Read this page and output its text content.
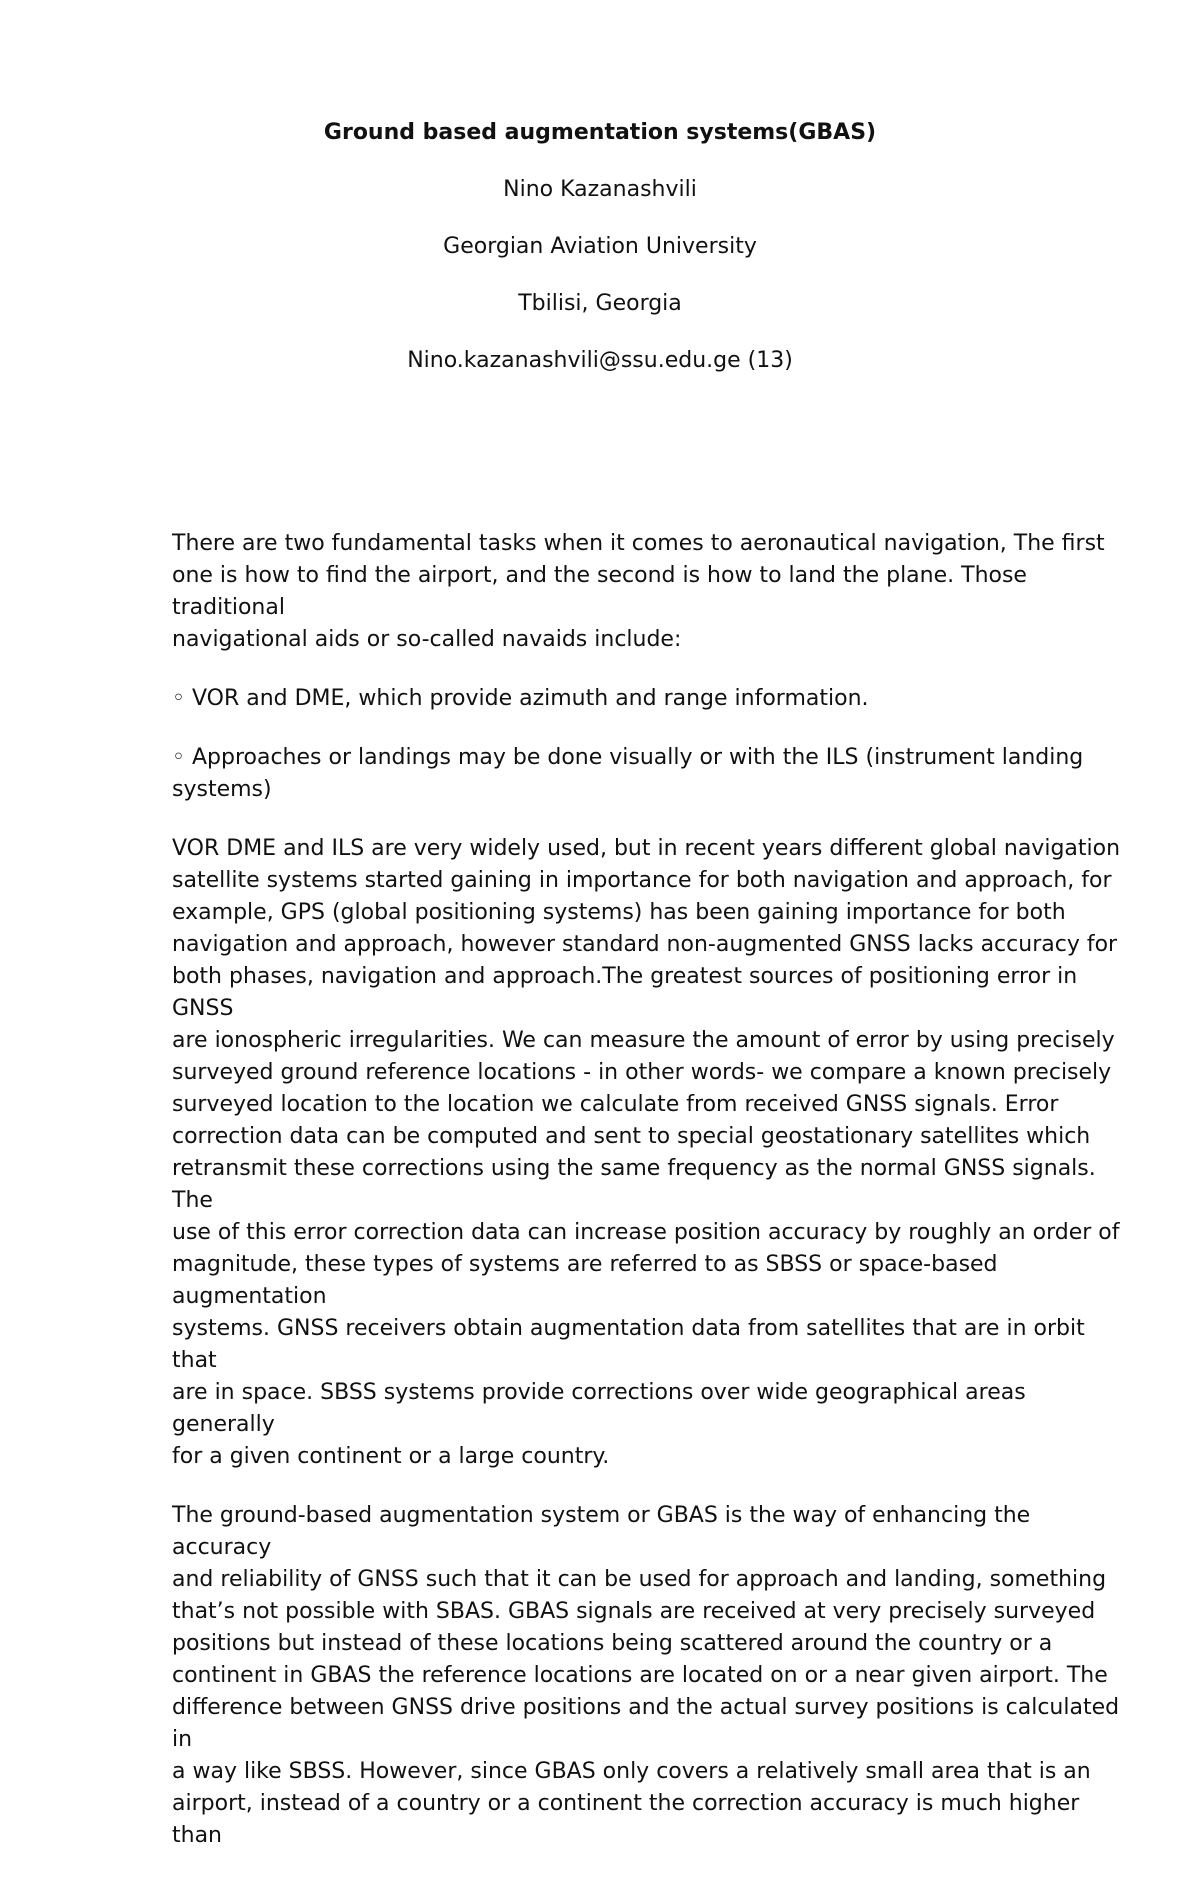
Ground based augmentation systems(GBAS)
Nino Kazanashvili
Georgian Aviation University
Tbilisi, Georgia
Nino.kazanashvili@ssu.edu.ge (13)

There are two fundamental tasks when it comes to aeronautical navigation, The first
one is how to find the airport, and the second is how to land the plane. Those traditional
navigational aids or so-called navaids include:

◦ VOR and DME, which provide azimuth and range information.

◦ Approaches or landings may be done visually or with the ILS (instrument landing
systems)

VOR DME and ILS are very widely used, but in recent years different global navigation
satellite systems started gaining in importance for both navigation and approach, for
example, GPS (global positioning systems) has been gaining importance for both
navigation and approach, however standard non-augmented GNSS lacks accuracy for
both phases, navigation and approach.The greatest sources of positioning error in GNSS
are ionospheric irregularities. We can measure the amount of error by using precisely
surveyed ground reference locations - in other words- we compare a known precisely
surveyed location to the location we calculate from received GNSS signals. Error
correction data can be computed and sent to special geostationary satellites which
retransmit these corrections using the same frequency as the normal GNSS signals. The
use of this error correction data can increase position accuracy by roughly an order of
magnitude, these types of systems are referred to as SBSS or space-based augmentation
systems. GNSS receivers obtain augmentation data from satellites that are in orbit that
are in space. SBSS systems provide corrections over wide geographical areas generally
for a given continent or a large country.

The ground-based augmentation system or GBAS is the way of enhancing the accuracy
and reliability of GNSS such that it can be used for approach and landing, something
that’s not possible with SBAS. GBAS signals are received at very precisely surveyed
positions but instead of these locations being scattered around the country or a
continent in GBAS the reference locations are located on or a near given airport. The
difference between GNSS drive positions and the actual survey positions is calculated in
a way like SBSS. However, since GBAS only covers a relatively small area that is an
airport, instead of a country or a continent the correction accuracy is much higher than
